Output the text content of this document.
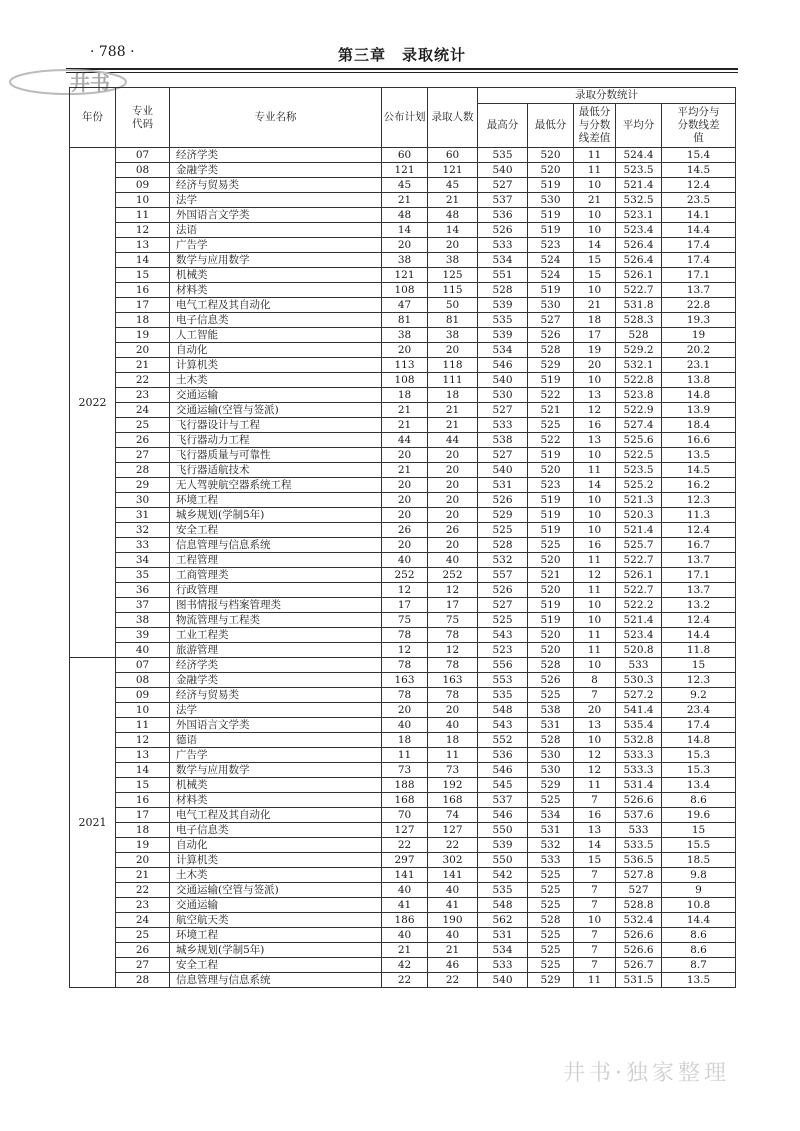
· 788 ·	第三章　录取统计
井书
年份	专业代码	专业名称	公布计划	录取人数	录取分数统计				
					最高分	最低分	最低分与分数线差值	平均分	平均分与分数线差值
2022	07	经济学类	60	60	535	520	11	524.4	15.4
	08	金融学类	121	121	540	520	11	523.5	14.5
	09	经济与贸易类	45	45	527	519	10	521.4	12.4
	10	法学	21	21	537	530	21	532.5	23.5
	11	外国语言文学类	48	48	536	519	10	523.1	14.1
	12	法语	14	14	526	519	10	523.4	14.4
	13	广告学	20	20	533	523	14	526.4	17.4
	14	数学与应用数学	38	38	534	524	15	526.4	17.4
	15	机械类	121	125	551	524	15	526.1	17.1
	16	材料类	108	115	528	519	10	522.7	13.7
	17	电气工程及其自动化	47	50	539	530	21	531.8	22.8
	18	电子信息类	81	81	535	527	18	528.3	19.3
	19	人工智能	38	38	539	526	17	528	19
	20	自动化	20	20	534	528	19	529.2	20.2
	21	计算机类	113	118	546	529	20	532.1	23.1
	22	土木类	108	111	540	519	10	522.8	13.8
	23	交通运输	18	18	530	522	13	523.8	14.8
	24	交通运输(空管与签派)	21	21	527	521	12	522.9	13.9
	25	飞行器设计与工程	21	21	533	525	16	527.4	18.4
	26	飞行器动力工程	44	44	538	522	13	525.6	16.6
	27	飞行器质量与可靠性	20	20	527	519	10	522.5	13.5
	28	飞行器适航技术	21	20	540	520	11	523.5	14.5
	29	无人驾驶航空器系统工程	20	20	531	523	14	525.2	16.2
	30	环境工程	20	20	526	519	10	521.3	12.3
	31	城乡规划(学制5年)	20	20	529	519	10	520.3	11.3
	32	安全工程	26	26	525	519	10	521.4	12.4
	33	信息管理与信息系统	20	20	528	525	16	525.7	16.7
	34	工程管理	40	40	532	520	11	522.7	13.7
	35	工商管理类	252	252	557	521	12	526.1	17.1
	36	行政管理	12	12	526	520	11	522.7	13.7
	37	图书情报与档案管理类	17	17	527	519	10	522.2	13.2
	38	物流管理与工程类	75	75	525	519	10	521.4	12.4
	39	工业工程类	78	78	543	520	11	523.4	14.4
	40	旅游管理	12	12	523	520	11	520.8	11.8
2021	07	经济学类	78	78	556	528	10	533	15
	08	金融学类	163	163	553	526	8	530.3	12.3
	09	经济与贸易类	78	78	535	525	7	527.2	9.2
	10	法学	20	20	548	538	20	541.4	23.4
	11	外国语言文学类	40	40	543	531	13	535.4	17.4
	12	德语	18	18	552	528	10	532.8	14.8
	13	广告学	11	11	536	530	12	533.3	15.3
	14	数学与应用数学	73	73	546	530	12	533.3	15.3
	15	机械类	188	192	545	529	11	531.4	13.4
	16	材料类	168	168	537	525	7	526.6	8.6
	17	电气工程及其自动化	70	74	546	534	16	537.6	19.6
	18	电子信息类	127	127	550	531	13	533	15
	19	自动化	22	22	539	532	14	533.5	15.5
	20	计算机类	297	302	550	533	15	536.5	18.5
	21	土木类	141	141	542	525	7	527.8	9.8
	22	交通运输(空管与签派)	40	40	535	525	7	527	9
	23	交通运输	41	41	548	525	7	528.8	10.8
	24	航空航天类	186	190	562	528	10	532.4	14.4
	25	环境工程	40	40	531	525	7	526.6	8.6
	26	城乡规划(学制5年)	21	21	534	525	7	526.6	8.6
	27	安全工程	42	46	533	525	7	526.7	8.7
	28	信息管理与信息系统	22	22	540	529	11	531.5	13.5
井书·独家整理
